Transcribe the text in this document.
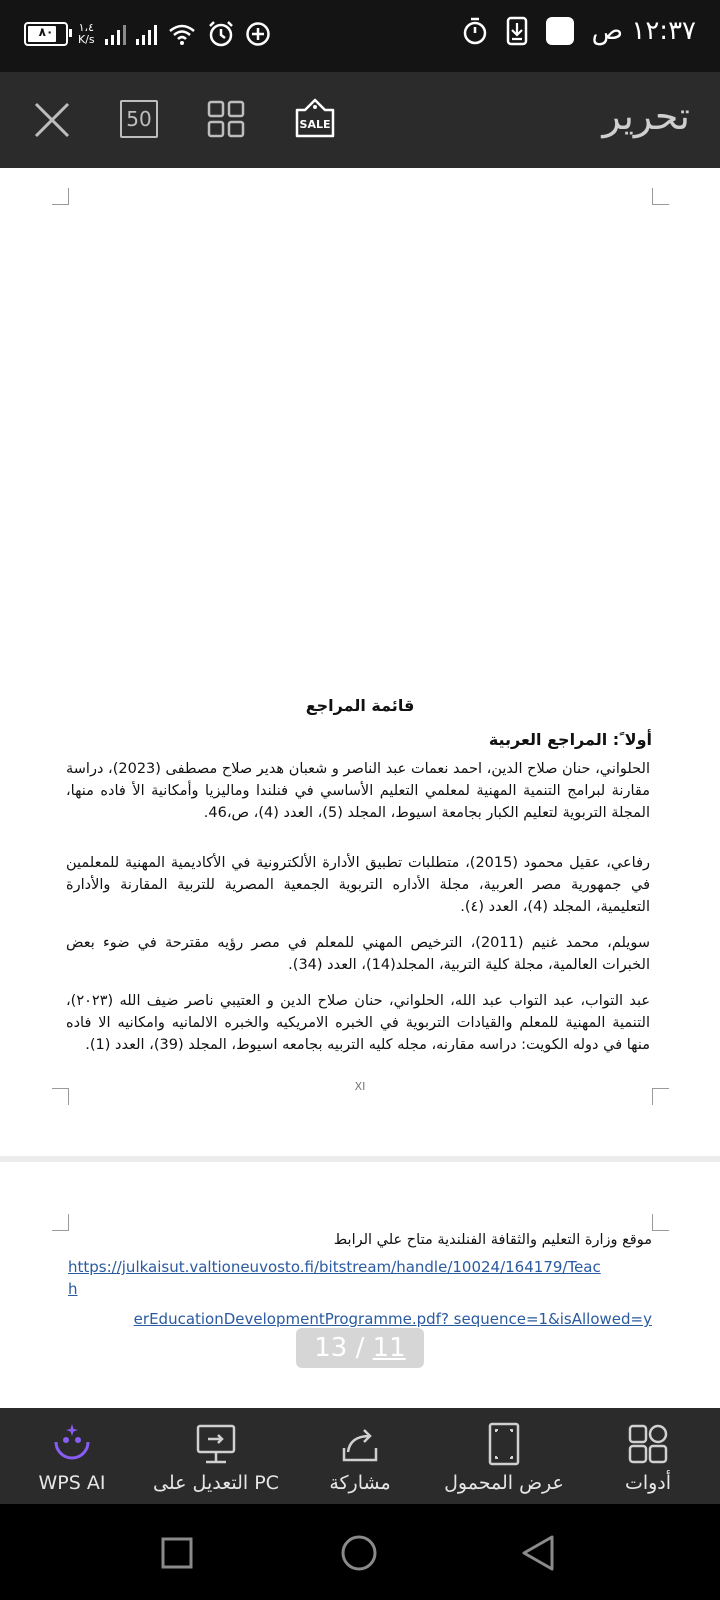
٨٠	١،٤
K/s	١٢:٣٧ ص
50	SALE	تحرير
قائمة المراجع
أولا ً: المراجع العربية
الحلواني، حنان صلاح الدين، احمد نعمات عبد الناصر و شعبان هدير صلاح مصطفى (2023)، دراسة مقارنة لبرامج التنمية المهنية لمعلمي التعليم الأساسي في فنلندا وماليزيا وأمكانية الأ فاده منها، المجلة التربوية لتعليم الكبار بجامعة اسيوط، المجلد (5)، العدد (4)، ص،46.
رفاعي، عقيل محمود (2015)، متطلبات تطبيق الأدارة الألكترونية في الأكاديمية المهنية للمعلمين في جمهورية مصر العربية، مجلة الأداره التربوية الجمعية المصرية للتربية المقارنة والأدارة التعليمية، المجلد (4)، العدد (٤).
سويلم، محمد غنيم (2011)، الترخيص المهني للمعلم في مصر رؤيه مقترحة في ضوء بعض الخبرات العالمية، مجلة كلية التربية، المجلد(14)، العدد (34).
عبد التواب، عبد التواب عبد الله، الحلواني، حنان صلاح الدين و العتيبي ناصر ضيف الله (٢٠٢٣)، التنمية المهنية للمعلم والقيادات التربوية في الخبره الامريكيه والخبره الالمانيه وامكانيه الا فاده منها في دوله الكويت: دراسه مقارنه، مجله كليه التربيه بجامعه اسيوط، المجلد (39)، العدد (1).
XI
موقع وزارة التعليم والثقافة الفنلندية متاح علي الرابط
https://julkaisut.valtioneuvosto.fi/bitstream/handle/10024/164179/Teach
erEducationDevelopmentProgramme.pdf? sequence=1&isAllowed=y
13 / 11
WPS AI	التعديل على PC	مشاركة	عرض المحمول	أدوات
